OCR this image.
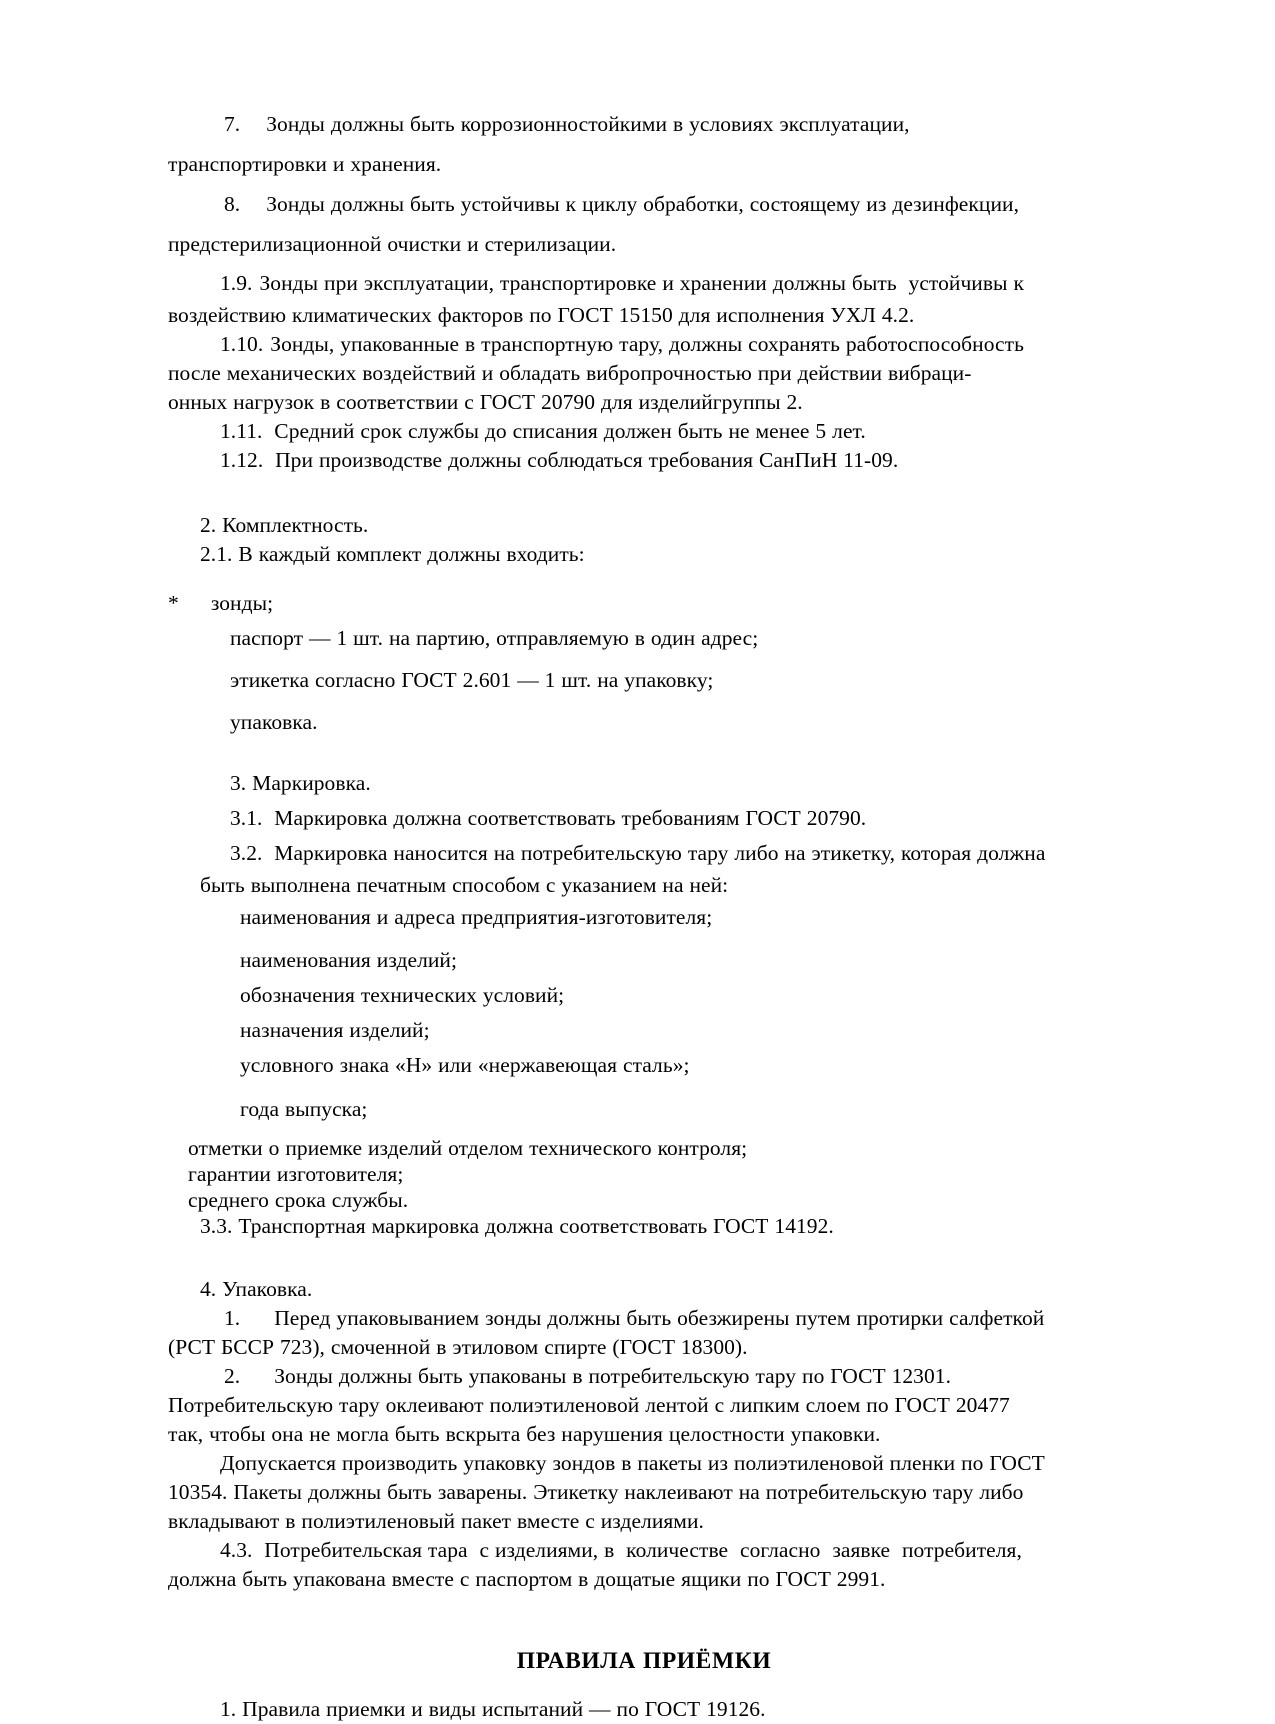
7. Зонды должны быть коррозионностойкими в условиях эксплуатации,
транспортировки и хранения.
8. Зонды должны быть устойчивы к циклу обработки, состоящему из дезинфекции,
предстерилизационной очистки и стерилизации.
1.9. Зонды при эксплуатации, транспортировке и хранении должны быть  устойчивы к
воздействию климатических факторов по ГОСТ 15150 для исполнения УХЛ 4.2.
1.10. Зонды, упакованные в транспортную тару, должны сохранять работоспособность
после механических воздействий и обладать вибропрочностью при действии вибраци-
онных нагрузок в соответствии с ГОСТ 20790 для изделийгруппы 2.
1.11.  Средний срок службы до списания должен быть не менее 5 лет.
1.12.  При производстве должны соблюдаться требования СанПиН 11-09.
2. Комплектность.
2.1. В каждый комплект должны входить:
* зонды;
паспорт — 1 шт. на партию, отправляемую в один адрес;
этикетка согласно ГОСТ 2.601 — 1 шт. на упаковку;
упаковка.
3. Маркировка.
3.1.  Маркировка должна соответствовать требованиям ГОСТ 20790.
3.2.  Маркировка наносится на потребительскую тару либо на этикетку, которая должна
быть выполнена печатным способом с указанием на ней:
наименования и адреса предприятия-изготовителя;
наименования изделий;
обозначения технических условий;
назначения изделий;
условного знака «Н» или «нержавеющая сталь»;
года выпуска;
отметки о приемке изделий отделом технического контроля;
гарантии изготовителя;
среднего срока службы.
3.3. Транспортная маркировка должна соответствовать ГОСТ 14192.
4. Упаковка.
1. Перед упаковыванием зонды должны быть обезжирены путем протирки салфеткой
(РСТ БССР 723), смоченной в этиловом спирте (ГОСТ 18300).
2. Зонды должны быть упакованы в потребительскую тару по ГОСТ 12301.
Потребительскую тару оклеивают полиэтиленовой лентой с липким слоем по ГОСТ 20477
так, чтобы она не могла быть вскрыта без нарушения целостности упаковки.
Допускается производить упаковку зондов в пакеты из полиэтиленовой пленки по ГОСТ
10354. Пакеты должны быть заварены. Этикетку наклеивают на потребительскую тару либо
вкладывают в полиэтиленовый пакет вместе с изделиями.
4.3.  Потребительская тара  с изделиями, в  количестве  согласно  заявке  потребителя,
должна быть упакована вместе с паспортом в дощатые ящики по ГОСТ 2991.
ПРАВИЛА ПРИЁМКИ
1. Правила приемки и виды испытаний — по ГОСТ 19126.
